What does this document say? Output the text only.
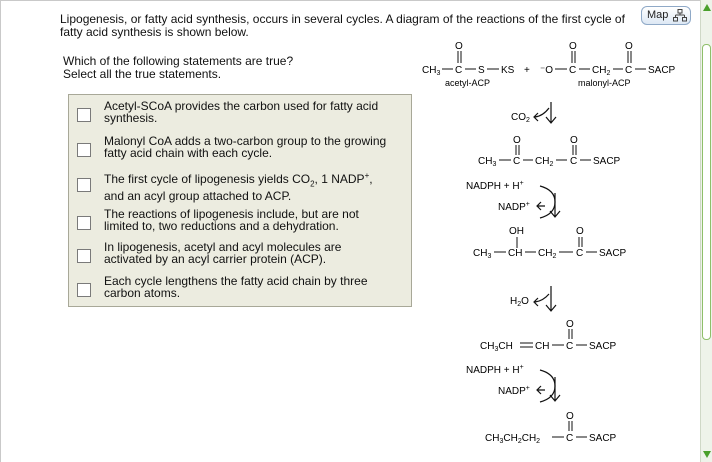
Map
Lipogenesis, or fatty acid synthesis, occurs in several cycles. A diagram of the reactions of the first cycle of
fatty acid synthesis is shown below.
Which of the following statements are true?
Select all the true statements.
Acetyl-SCoA provides the carbon used for fatty acid
synthesis.
Malonyl CoA adds a two-carbon group to the growing
fatty acid chain with each cycle.
The first cycle of lipogenesis yields $CO_2$, 1 NADP+,
and an acyl group attached to ACP.
The reactions of lipogenesis include, but are not
limited to, two reductions and a dehydration.
In lipogenesis, acetyl and acyl molecules are
activated by an acyl carrier protein (ACP).
Each cycle lengthens the fatty acid chain by three
carbon atoms.
O
$CH_3$ C S KS
acetyl-ACP
+ ⁻O
O
C $CH_2$
O
C SACP
malonyl-ACP
$CO_2$
O
$CH_3$ C $CH_2$
O
C SACP
NADPH + H+
NADP+
OH
$CH_3$ CH $CH_2$
O
C SACP
$H_2O$
$CH_3CH$ CH
O
C SACP
NADPH + H+
NADP+
$CH_3CH_2CH_2$
O
C SACP
